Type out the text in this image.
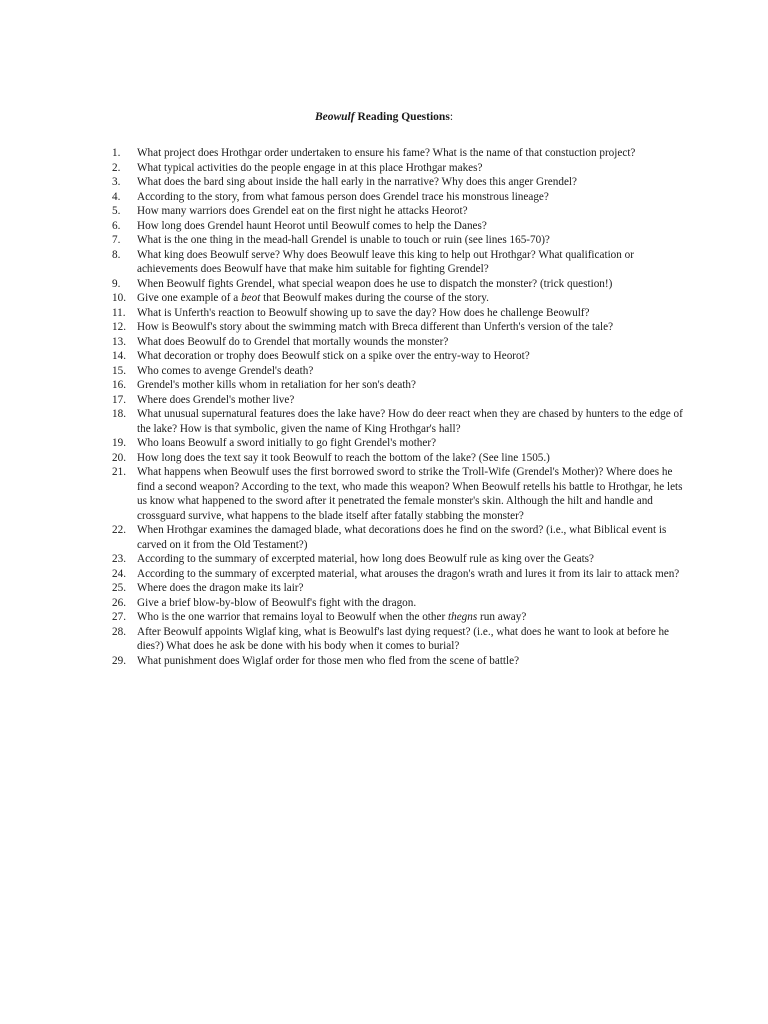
Beowulf Reading Questions:
1.	What project does Hrothgar order undertaken to ensure his fame? What is the name of that constuction project?
2.	What typical activities do the people engage in at this place Hrothgar makes?
3.	What does the bard sing about inside the hall early in the narrative? Why does this anger Grendel?
4.	According to the story, from what famous person does Grendel trace his monstrous lineage?
5.	How many warriors does Grendel eat on the first night he attacks Heorot?
6.	How long does Grendel haunt Heorot until Beowulf comes to help the Danes?
7.	What is the one thing in the mead-hall Grendel is unable to touch or ruin (see lines 165-70)?
8.	What king does Beowulf serve? Why does Beowulf leave this king to help out Hrothgar? What qualification or achievements does Beowulf have that make him suitable for fighting Grendel?
9.	When Beowulf fights Grendel, what special weapon does he use to dispatch the monster? (trick question!)
10. Give one example of a beot that Beowulf makes during the course of the story.
11.	What is Unferth's reaction to Beowulf showing up to save the day? How does he challenge Beowulf?
12. How is Beowulf's story about the swimming match with Breca different than Unferth's version of the tale?
13. What does Beowulf do to Grendel that mortally wounds the monster?
14. What decoration or trophy does Beowulf stick on a spike over the entry-way to Heorot?
15. Who comes to avenge Grendel's death?
16. Grendel's mother kills whom in retaliation for her son's death?
17. Where does Grendel's mother live?
18. What unusual supernatural features does the lake have? How do deer react when they are chased by hunters to the edge of the lake? How is that symbolic, given the name of King Hrothgar's hall?
19. Who loans Beowulf a sword initially to go fight Grendel's mother?
20. How long does the text say it took Beowulf to reach the bottom of the lake? (See line 1505.)
21. What happens when Beowulf uses the first borrowed sword to strike the Troll-Wife (Grendel's Mother)? Where does he find a second weapon? According to the text, who made this weapon? When Beowulf retells his battle to Hrothgar, he lets us know what happened to the sword after it penetrated the female monster's skin. Although the hilt and handle and crossguard survive, what happens to the blade itself after fatally stabbing the monster?
22. When Hrothgar examines the damaged blade, what decorations does he find on the sword? (i.e., what Biblical event is carved on it from the Old Testament?)
23. According to the summary of excerpted material, how long does Beowulf rule as king over the Geats?
24. According to the summary of excerpted material, what arouses the dragon's wrath and lures it from its lair to attack men?
25. Where does the dragon make its lair?
26. Give a brief blow-by-blow of Beowulf's fight with the dragon.
27. Who is the one warrior that remains loyal to Beowulf when the other thegns run away?
28. After Beowulf appoints Wiglaf king, what is Beowulf's last dying request? (i.e., what does he want to look at before he dies?) What does he ask be done with his body when it comes to burial?
29. What punishment does Wiglaf order for those men who fled from the scene of battle?
